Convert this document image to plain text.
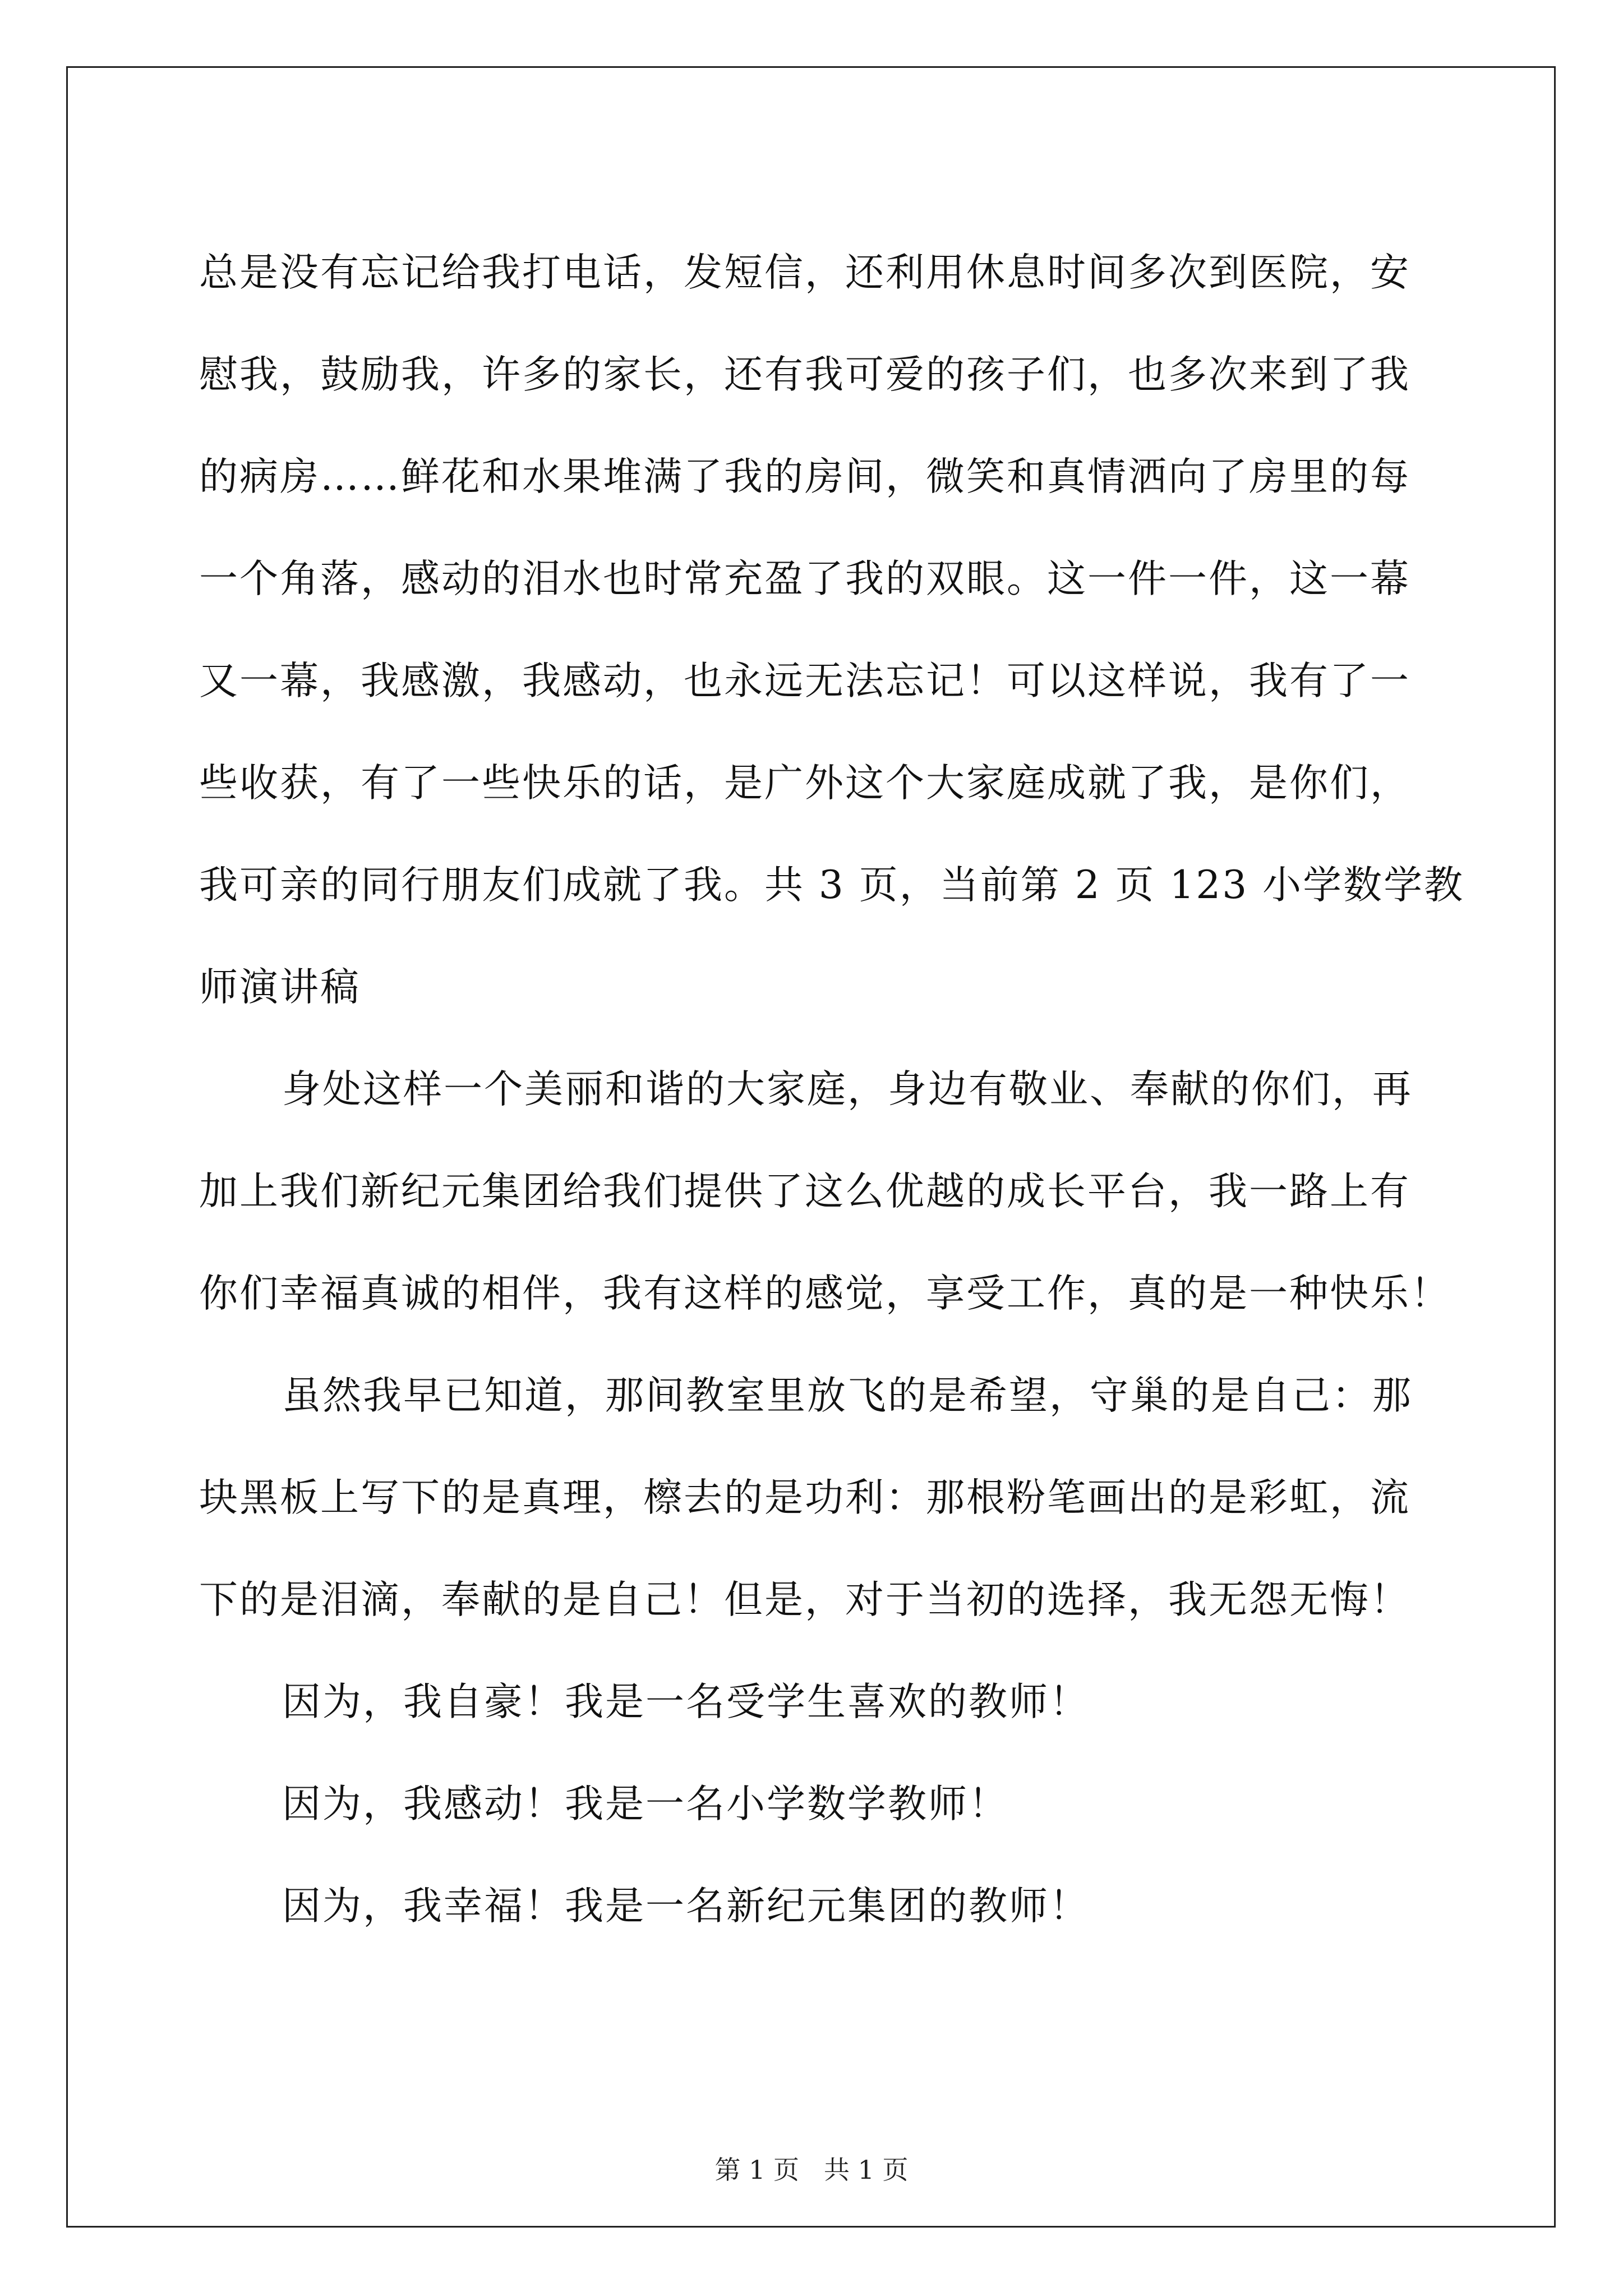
总是没有忘记给我打电话，发短信，还利用休息时间多次到医院，安
慰我，鼓励我，许多的家长，还有我可爱的孩子们，也多次来到了我
的病房……鲜花和水果堆满了我的房间，微笑和真情洒向了房里的每
一个角落，感动的泪水也时常充盈了我的双眼。这一件一件，这一幕
又一幕，我感激，我感动，也永远无法忘记！可以这样说，我有了一
些收获，有了一些快乐的话，是广外这个大家庭成就了我，是你们，
我可亲的同行朋友们成就了我。共 3 页，当前第 2 页 123 小学数学教
师演讲稿

身处这样一个美丽和谐的大家庭，身边有敬业、奉献的你们，再
加上我们新纪元集团给我们提供了这么优越的成长平台，我一路上有
你们幸福真诚的相伴，我有这样的感觉，享受工作，真的是一种快乐！

虽然我早已知道，那间教室里放飞的是希望，守巢的是自己：那
块黑板上写下的是真理，檫去的是功利：那根粉笔画出的是彩虹，流
下的是泪滴，奉献的是自己！但是，对于当初的选择，我无怨无悔！

因为，我自豪！我是一名受学生喜欢的教师！

因为，我感动！我是一名小学数学教师！

因为，我幸福！我是一名新纪元集团的教师！

第 1 页 共 1 页
